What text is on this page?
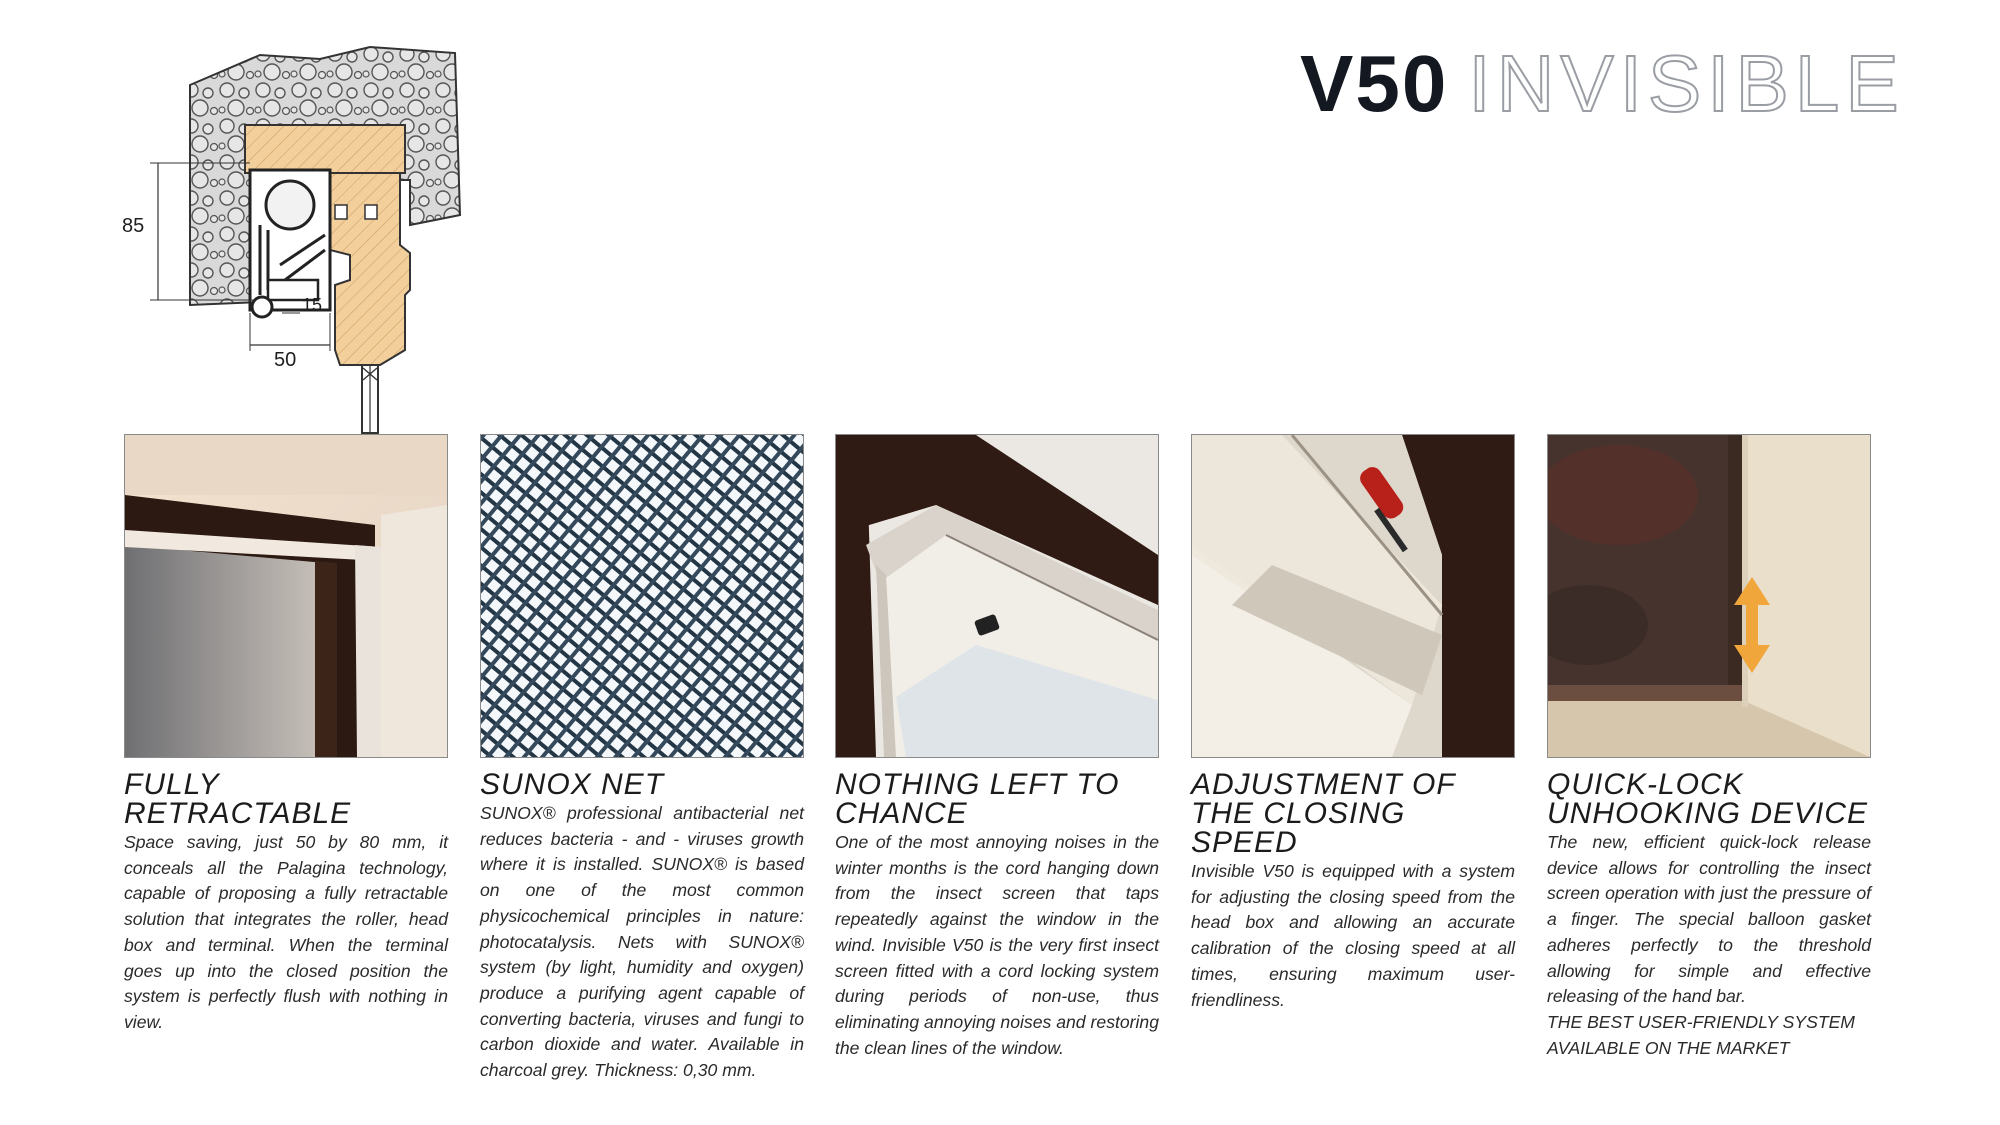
V50 INVISIBLE
85
50
15
FULLY RETRACTABLE

Space saving, just 50 by 80 mm, it conceals all the Palagina technology, capable of proposing a fully retractable solution that integrates the roller, head box and terminal. When the terminal goes up into the closed position the system is perfectly flush with nothing in view.

SUNOX NET

SUNOX® professional antibacterial net reduces bacteria - and - viruses growth where it is installed. SUNOX® is based on one of the most common physicochemical principles in nature: photocatalysis. Nets with SUNOX® system (by light, humidity and oxygen) produce a purifying agent capable of converting bacteria, viruses and fungi to carbon dioxide and water. Available in charcoal grey. Thickness: 0,30 mm.

NOTHING LEFT TO CHANCE

One of the most annoying noises in the winter months is the cord hanging down from the insect screen that taps repeatedly against the window in the wind. Invisible V50 is the very first insect screen fitted with a cord locking system during periods of non-use, thus eliminating annoying noises and restoring the clean lines of the window.

ADJUSTMENT OF THE CLOSING SPEED

Invisible V50 is equipped with a system for adjusting the closing speed from the head box and allowing an accurate calibration of the closing speed at all times, ensuring maximum user-friendliness.

QUICK-LOCK UNHOOKING DEVICE

The new, efficient quick-lock release device allows for controlling the insect screen operation with just the pressure of a finger. The special balloon gasket adheres perfectly to the threshold allowing for simple and effective releasing of the hand bar.

THE BEST USER-FRIENDLY SYSTEM AVAILABLE ON THE MARKET
